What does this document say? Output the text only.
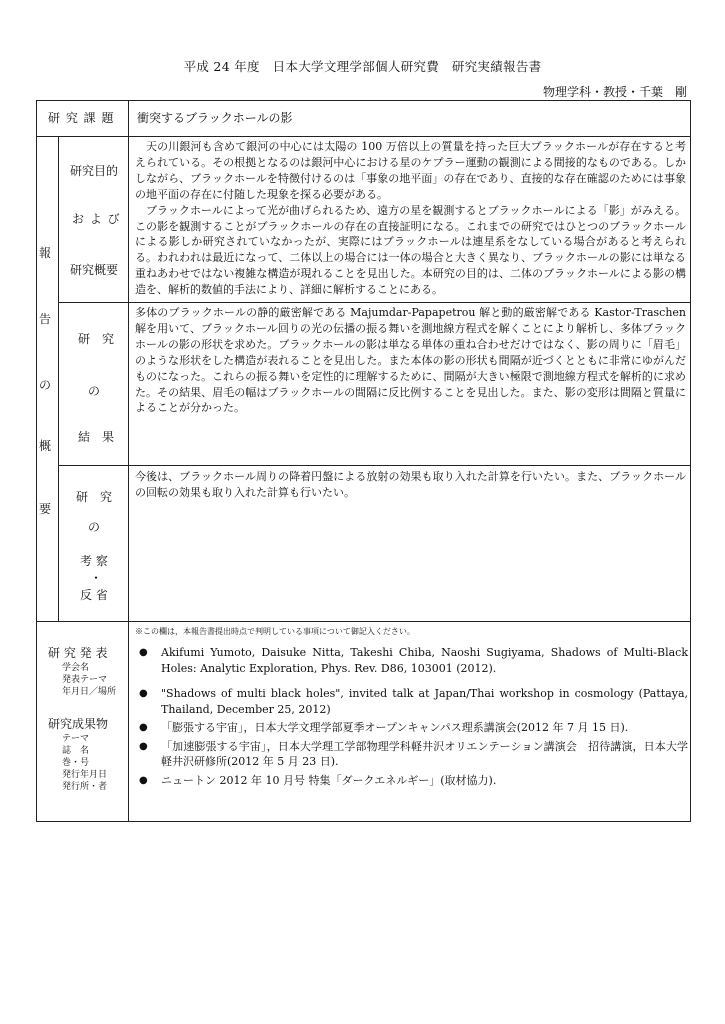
平成 24 年度　日本大学文理学部個人研究費　研究実績報告書
物理学科・教授・千葉　剛
研 究 課 題 衝突するブラックホールの影
報
告
の
概
要
研究目的
お よ び
研究概要
研　究
の
結　果
研　究
の
考 察
・
反 省

天の川銀河も含めて銀河の中心には太陽の 100 万倍以上の質量を持った巨大ブラックホールが存在すると考えられている。その根拠となるのは銀河中心における星のケプラー運動の観測による間接的なものである。しかしながら、ブラックホールを特徴付けるのは「事象の地平面」の存在であり、直接的な存在確認のためには事象の地平面の存在に付随した現象を探る必要がある。

ブラックホールによって光が曲げられるため、遠方の星を観測するとブラックホールによる「影」がみえる。この影を観測することがブラックホールの存在の直接証明になる。これまでの研究ではひとつのブラックホールによる影しか研究されていなかったが、実際にはブラックホールは連星系をなしている場合があると考えられる。われわれは最近になって、二体以上の場合には一体の場合と大きく異なり、ブラックホールの影には単なる重ねあわせではない複雑な構造が現れることを見出した。本研究の目的は、二体のブラックホールによる影の構造を、解析的数値的手法により、詳細に解析することにある。

多体のブラックホールの静的厳密解である Majumdar-Papapetrou 解と動的厳密解である Kastor-Traschen 解を用いて、ブラックホール回りの光の伝播の振る舞いを測地線方程式を解くことにより解析し、多体ブラックホールの影の形状を求めた。ブラックホールの影は単なる単体の重ね合わせだけではなく、影の周りに「眉毛」のような形状をした構造が表れることを見出した。また本体の影の形状も間隔が近づくとともに非常にゆがんだものになった。これらの振る舞いを定性的に理解するために、間隔が大きい極限で測地線方程式を解析的に求めた。その結果、眉毛の幅はブラックホールの間隔に反比例することを見出した。また、影の変形は間隔と質量によることが分かった。
今後は、ブラックホール周りの降着円盤による放射の効果も取り入れた計算を行いたい。また、ブラックホールの回転の効果も取り入れた計算も行いたい。
研 究 発 表
学会名
発表テーマ
年月日／場所
研究成果物
テーマ
誌　名
巻・号
発行年月日
発行所・者
※この欄は，本報告書提出時点で判明している事項について御記入ください。
● Akifumi Yumoto, Daisuke Nitta, Takeshi Chiba, Naoshi Sugiyama, Shadows of Multi-Black Holes: Analytic Exploration, Phys. Rev. D86, 103001 (2012).
● "Shadows of multi black holes", invited talk at Japan/Thai workshop in cosmology (Pattaya, Thailand, December 25, 2012)
● 「膨張する宇宙」，日本大学文理学部夏季オープンキャンパス理系講演会(2012 年 7 月 15 日).
● 「加速膨張する宇宙」，日本大学理工学部物理学科軽井沢オリエンテーション講演会　招待講演，日本大学軽井沢研修所(2012 年 5 月 23 日).
● ニュートン 2012 年 10 月号 特集「ダークエネルギー」(取材協力).
